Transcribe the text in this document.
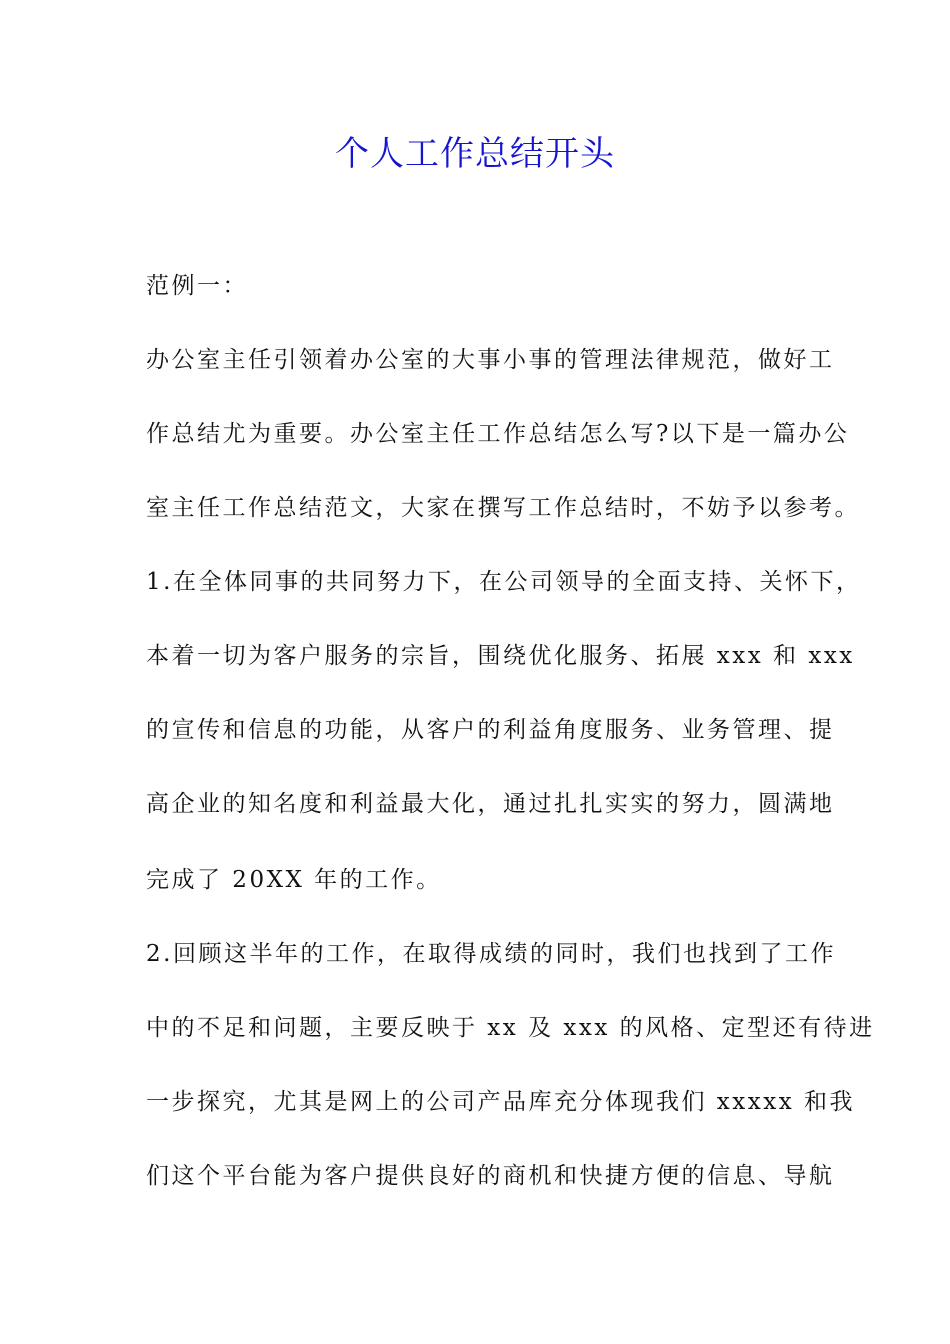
个人工作总结开头
范例一：
办公室主任引领着办公室的大事小事的管理法律规范，做好工
作总结尤为重要。办公室主任工作总结怎么写?以下是一篇办公
室主任工作总结范文，大家在撰写工作总结时，不妨予以参考。
1.在全体同事的共同努力下，在公司领导的全面支持、关怀下，
本着一切为客户服务的宗旨，围绕优化服务、拓展 xxx 和 xxx
的宣传和信息的功能，从客户的利益角度服务、业务管理、提
高企业的知名度和利益最大化，通过扎扎实实的努力，圆满地
完成了 20XX 年的工作。
2.回顾这半年的工作，在取得成绩的同时，我们也找到了工作
中的不足和问题，主要反映于 xx 及 xxx 的风格、定型还有待进
一步探究，尤其是网上的公司产品库充分体现我们 xxxxx 和我
们这个平台能为客户提供良好的商机和快捷方便的信息、导航
